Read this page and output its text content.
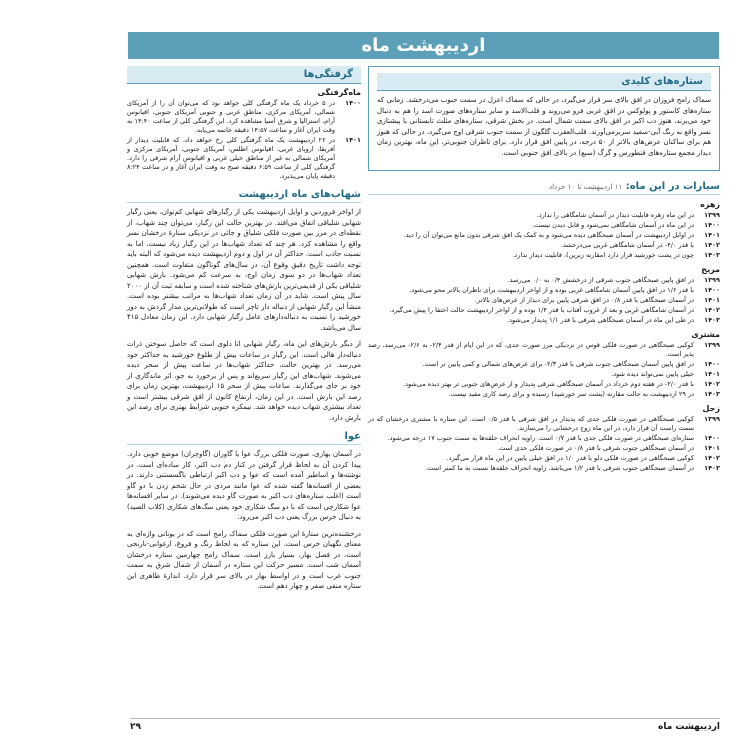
اردیبهشت ماه
ستاره‌های کلیدی

سماک رامح فروزان در افق بالای سر قرار می‌گیرد، در حالی که سماک اعزل در سمت جنوب می‌درخشد. زمانی که ستاره‌های کاستور و پولوکس در افق غربی فرو می‌روند و قلب‌الاسد و سایر ستاره‌های صورت اسد را هم به دنبال خود می‌برند، هنوز دب اکبر در افق بالای سمت شمال است. در بخش شرقی، ستاره‌های مثلث تابستانی با پیشتازی نسر واقع به رنگ آبی-سفید سربرمی‌آورند. قلب‌العقرب گلگون از سمت جنوب شرقی اوج می‌گیرد، در حالی که هنوز هم برای ساکنان عرض‌های بالاتر از ۵۰ درجه، در پایین افق قرار دارد. برای ناظران جنوبی‌تر، این ماه، بهترین زمان دیدار مجمع ستاره‌های قنطورس و گرگ (سبع) در بالای افق جنوبی است.

سیارات در این ماه: ۱۱ اردیبهشت تا ۱۰ خرداد
زهره
۱۳۹۹
در این ماه زهره قابلیت دیدار در آسمان شامگاهی را ندارد.
۱۴۰۰
در این ماه در آسمان شامگاهی نمی‌شود و قابل دیدن نیست.
۱۴۰۱
در اوایل اردیبهشت در آسمان صبحگاهی دیده می‌شود و به کمک یک افق شرقی بدون مانع می‌توان آن را دید.
۱۴۰۲
با قدر ۴/۰- در آسمان شامگاهی غربی می‌درخشد.
۱۴۰۳
چون در پشت خورشید قرار دارد (مقارنه زبرین)، قابلیت دیدار ندارد.
مریخ
۱۳۹۹
در افق پایین صبحگاهی جنوب شرقی از درخشش ۰/۴ به ۰/۰ می‌رسد.
۱۴۰۰
با قدر ۱/۶ در افق پایین آسمان شامگاهی غربی بوده و از اواخر اردیبهشت برای ناظران بالاتر محو می‌شود.
۱۴۰۱
در آسمان صبحگاهی با قدر ۰/۸ در افق شرقی پایین برای دیدار از عرض‌های بالاتر.
۱۴۰۲
در آسمان شامگاهی غربی و بعد از غروب آفتاب با قدر ۱/۴ بوده و از اواخر اردیبهشت حالت اختفا را پیش می‌گیرد.
۱۴۰۳
در طی این ماه در آسمان صبحگاهی شرقی با قدر ۱/۱ پدیدار می‌شود.
مشتری
۱۳۹۹
کوکبی صبحگاهی در صورت فلکی قوس در نزدیکی مرز صورت جدی، که در این ایام از قدر ۲/۴- به ۲/۶- می‌رسد، رصد پذیر است.
۱۴۰۰
در افق پایین آسمان صبحگاهی جنوب شرقی با قدر ۲/۳- برای عرض‌های شمالی و کمی پایین تر است.
۱۴۰۱
خیلی پایین نمی‌تواند دیده شود.
۱۴۰۲
با قدر ۲/۰- در هفته دوم خرداد در آسمان صبحگاهی شرقی پدیدار و از عرض‌های جنوبی تر بهتر دیده می‌شود.
۱۴۰۳
در ۲۹ اردیبهشت به حالت مقارنه (پشت سر خورشید) رسیده و برای رصد کاری مفید نیست.
زحل
۱۳۹۹
کوکبی صبحگاهی در صورت فلکی جدی که پدیدار در افق شرقی با قدر ۰/۵ است. این ستاره با مشتری درخشان که در سمت راست آن قرار دارد، در این ماه زوج درخشانی را می‌سازند.
۱۴۰۰
ستاره‌ای صبحگاهی در صورت فلکی جدی با قدر ۰/۷ است. زاویه انحراف حلقه‌ها به سمت جنوب ۱۷ درجه می‌شود.
۱۴۰۱
در آسمان صبحگاهی جنوب شرقی با قدر ۰/۸ در صورت فلکی جدی است.
۱۴۰۲
کوکبی صبحگاهی در صورت فلکی دلو با قدر ۱/۰ در افق خیلی پایین در این ماه قرار می‌گیرد.
۱۴۰۳
در آسمان صبحگاهی جنوب شرقی با قدر ۱/۲ می‌باشد. زاویه انحراف حلقه‌ها نسبت به ما کمتر است.
گرفتگی‌ها
ماه‌گرفتگی
۱۴۰۰
در ۵ خرداد یک ماه گرفتگی کلی خواهد بود که می‌توان آن را از آمریکای شمالی، آمریکای مرکزی، مناطق غربی و جنوبی آمریکای جنوبی، اقیانوس آرام، استرالیا و شرق آسیا مشاهده کرد. این گرفتگی کلی از ساعت ۱۴:۴۰ به وقت ایران آغاز و ساعت ۱۴:۵۷ دقیقه خاتمه می‌یابد.
۱۴۰۱
در ۲۶ اردیبهشت یک ماه گرفتگی کلی رخ خواهد داد، که قابلیت دیدار از آفریقا، اروپای غربی، اقیانوس اطلس، آمریکای جنوبی، آمریکای مرکزی و آمریکای شمالی به غیر از مناطق خیلی غربی و اقیانوس آرام شرقی را دارد. گرفتگی کلی از ساعت ۶:۵۹ دقیقه صبح به وقت ایران آغاز و در ساعت ۸:۲۴ دقیقه پایان می‌پذیرد.
شهاب‌های ماه اردیبهشت

از اواخر فروردین و اوایل اردیبهشت یکی از رگبارهای شهابی کم‌توان، یعنی رگبار شهابی شلیاقی اتفاق می‌افتد. در بهترین حالت این رگبار، می‌توان چند شهاب، از نقطه‌ای در مرز بین صورت فلکی شلیاق و جاثی در نزدیکی ستارهٔ درخشان نسر واقع را مشاهده کرد. هر چند که تعداد شهاب‌ها در این رگبار زیاد نیست، اما به نسبت جاذب است. حداکثر آن در اول و دوم اردیبهشت دیده می‌شود که البته باید توجه داشت تاریخ دقیق وقوع آن، در سال‌های گوناگون متفاوت است. همچنین تعداد شهاب‌ها در دو سوی زمان اوج، به سرعت کم می‌شود. بارش شهابی شلیاقی یکی از قدیمی‌ترین بارش‌های شناخته شده است و سابقه ثبت آن از ۲۰۰۰ سال پیش است. شاید در آن زمان تعداد شهاب‌ها به مراتب بیشتر بوده است. منشأ این رگبار شهابی از دنباله دار تاچر است که طولانی‌ترین مدار گردش به دور خورشید را نسبت به دنباله‌دارهای عامل رگبار شهابی دارد. این زمان معادل ۴۱۵ سال می‌باشد.

از دیگر بارش‌های این ماه، رگبار شهابی اتا دلوی است که حاصل سوختن ذرات دنباله‌دار هالی است. این رگبار در ساعات پیش از طلوع خورشید به حداکثر خود می‌رسد. در بهترین حالت، حداکثر شهاب‌ها در ساعت پیش از سحر دیده می‌شوند. شهاب‌های این رگبار سریع‌اند و پس از برخورد به جو، اثر ماندگاری از خود بر جای می‌گذارند. ساعات پیش از سحر ۱۵ اردیبهشت، بهترین زمان برای رصد این بارش است. در این زمان، ارتفاع کانون از افق شرقی بیشتر است و تعداد بیشتری شهاب دیده خواهد شد. نیمکره جنوبی شرایط بهتری برای رصد این بارش دارد.

عوا

در آسمان بهاری، صورت فلکی بزرگ عوا یا گاوران (گاوچران) موضع خوبی دارد. پیدا کردن آن به لحاظ قرار گرفتن در کنار دم دب اکبر، کار ساده‌ای است. در نوشته‌ها و اساطیر آمده است که عوا و دب اکبر ارتباطی ناگسستنی دارند. در بعضی از افسانه‌ها گفته شده که عوا مانند مردی در حال شخم زدن با دو گاو است (اغلب ستاره‌های دب اکبر به صورت گاو دیده می‌شوند). در سایر افسانه‌ها عوا شکارچی است که با دو سگ شکاری خود یعنی سگ‌های شکاری (کلاب الصید) به دنبال خرس بزرگ یعنی دب اکبر می‌رود.

درخشنده‌ترین ستارهٔ این صورت فلکی سماک رامح است که در یونانی واژه‌ای به معنای نگهبان خرس است. این ستاره که به لحاظ رنگ و فروغ، ارغوانی-نارنجی است، در فصل بهار، بسیار بارز است. سماک رامح چهارمین ستاره درخشان آسمان شب است. مسیر حرکت این ستاره در آسمان از شمال شرق به سمت جنوب غرب است و در اواسط بهار در بالای سر قرار دارد. اندازهٔ ظاهری این ستاره منفی صفر و چهار دهم است.

۲۹	اردیبهشت ماه
